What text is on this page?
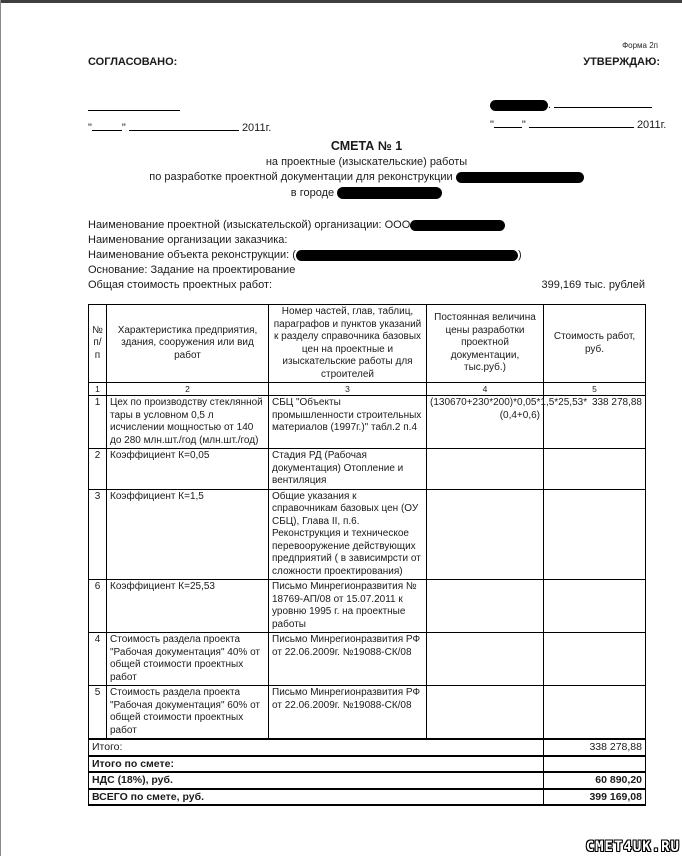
Форма 2п
СОГЛАСОВАНО:	УТВЕРЖДАЮ:
"	"	2011г.
.
"	"	2011г.
СМЕТА № 1
на проектные (изыскательские) работы
по разработке проектной документации для реконструкции
в городе
Наименование проектной (изыскательской) организации: ООО
Наименование организации заказчика:
Наименование объекта реконструкции: (	)
Основание: Задание на проектирование
Общая стоимость проектных работ:	399,169 тыс. рублей
№ п/п	Характеристика предприятия, здания, сооружения или вид работ	Номер частей, глав, таблиц, параграфов и пунктов указаний к разделу справочника базовых цен на проектные и изыскательские работы для строителей	Постоянная величина цены разработки проектной документации, тыс.руб.)	Стоимость работ, руб.
1	2	3	4	5
1	Цех по производству стеклянной тары в условном 0,5 л исчислении мощностью от 140 до 280 млн.шт./год (млн.шт./год)	СБЦ "Объекты промышленности строительных материалов (1997г.)" табл.2 п.4	(130670+230*200)*0,05*1,5*25,53*(0,4+0,6)	338 278,88
2	Коэффициент К=0,05	Стадия РД (Рабочая документация) Отопление и вентиляция		
3	Коэффициент К=1,5	Общие указания к справочникам базовых цен (ОУ СБЦ), Глава II, п.6. Реконструкция и техническое перевооружение действующих предприятий ( в зависимрсти от сложности проектирования)		
6	Коэффициент К=25,53	Письмо Минрегионразвития № 18769-АП/08 от 15.07.2011 к уровню 1995 г. на проектные работы		
4	Стоимость раздела проекта "Рабочая документация" 40% от общей стоимости проектных работ	Письмо Минрегионразвития РФ от 22.06.2009г. №19088-СК/08		
5	Стоимость раздела проекта "Рабочая документация" 60% от общей стоимости проектных работ	Письмо Минрегионразвития РФ от 22.06.2009г. №19088-СК/08		
Итого:				338 278,88
Итого по смете:				
НДС (18%), руб.				60 890,20
ВСЕГО по смете, руб.				399 169,08
CMET4UK.RU
